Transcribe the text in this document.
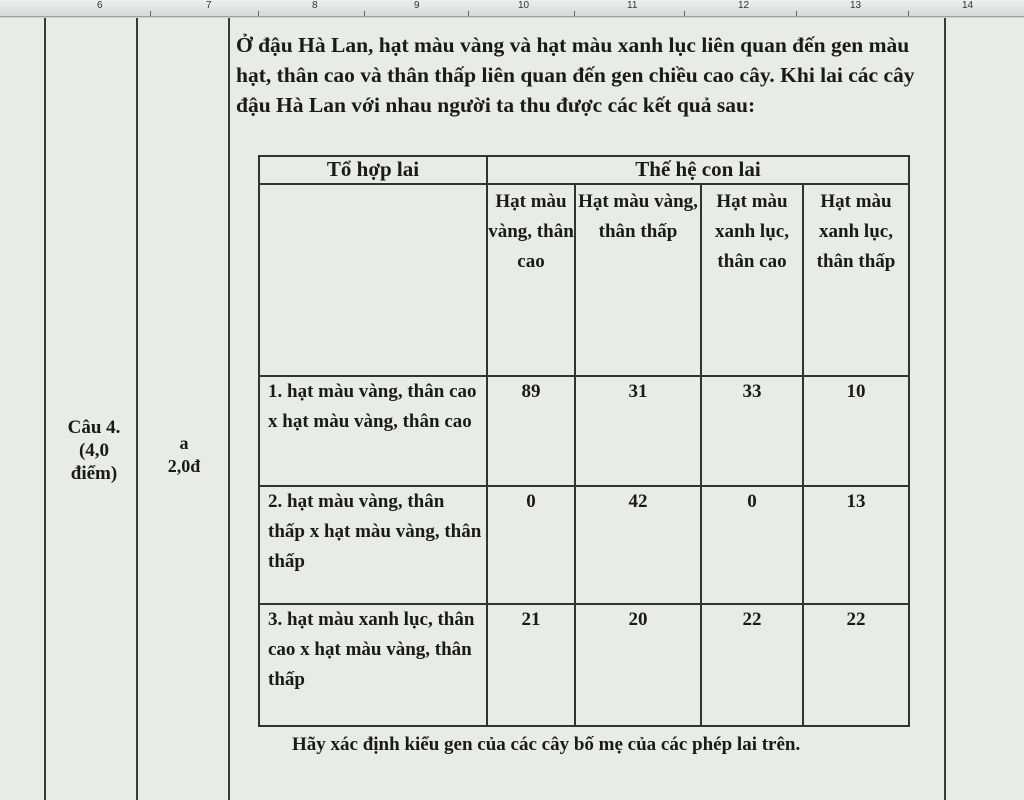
6	7	8	9	10	11	12	13	14
Câu 4.
(4,0
điểm)
a
2,0đ
Ở đậu Hà Lan, hạt màu vàng và hạt màu xanh lục liên quan đến gen màu hạt, thân cao và thân thấp liên quan đến gen chiều cao cây. Khi lai các cây đậu Hà Lan với nhau người ta thu được các kết quả sau:
Tổ hợp lai	Thế hệ con lai			
	Hạt màu vàng, thân cao	Hạt màu vàng, thân thấp	Hạt màu xanh lục, thân cao	Hạt màu xanh lục, thân thấp
1. hạt màu vàng, thân cao x hạt màu vàng, thân cao	89	31	33	10
2. hạt màu vàng, thân thấp x hạt màu vàng, thân thấp	0	42	0	13
3. hạt màu xanh lục, thân cao x hạt màu vàng, thân thấp	21	20	22	22
Hãy xác định kiểu gen của các cây bố mẹ của các phép lai trên.
